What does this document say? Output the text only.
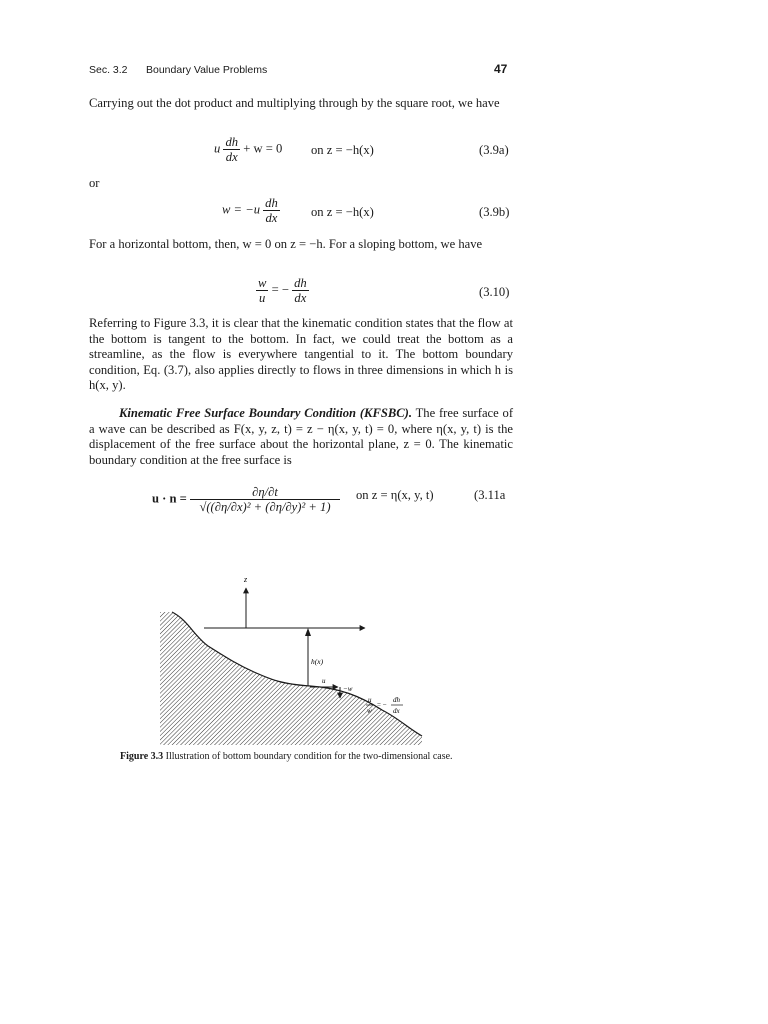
Sec. 3.2 Boundary Value Problems	47
Carrying out the dot product and multiplying through by the square root, we have
u $\frac{dh}{dx} + w = 0$ on z = −h(x)	(3.9a)
or
$w = -u \frac{dh}{dx}$ on z = −h(x)	(3.9b)
For a horizontal bottom, then, w = 0 on z = −h. For a sloping bottom, we have
$\frac{w}{u}$ = − $\frac{dh}{dx}$	(3.10)
Referring to Figure 3.3, it is clear that the kinematic condition states that the flow at the bottom is tangent to the bottom. In fact, we could treat the bottom as a streamline, as the flow is everywhere tangential to it. The bottom boundary condition, Eq. (3.7), also applies directly to flows in three dimensions in which h is h(x, y).
Kinematic Free Surface Boundary Condition (KFSBC). The free surface of a wave can be described as F(x, y, z, t) = z − η(x, y, t) = 0, where η(x, y, t) is the displacement of the free surface about the horizontal plane, z = 0. The kinematic boundary condition at the free surface is
$u \cdot n = \frac{\partial\eta/\partial t}{\text{√((∂η/∂x)² + (∂η/∂y)² + 1)}}$ on z = η(x, y, t)	(3.11a
z
h(x)
u
−w
u
w
= −
dh
dx
Figure 3.3 Illustration of bottom boundary condition for the two-dimensional case.
